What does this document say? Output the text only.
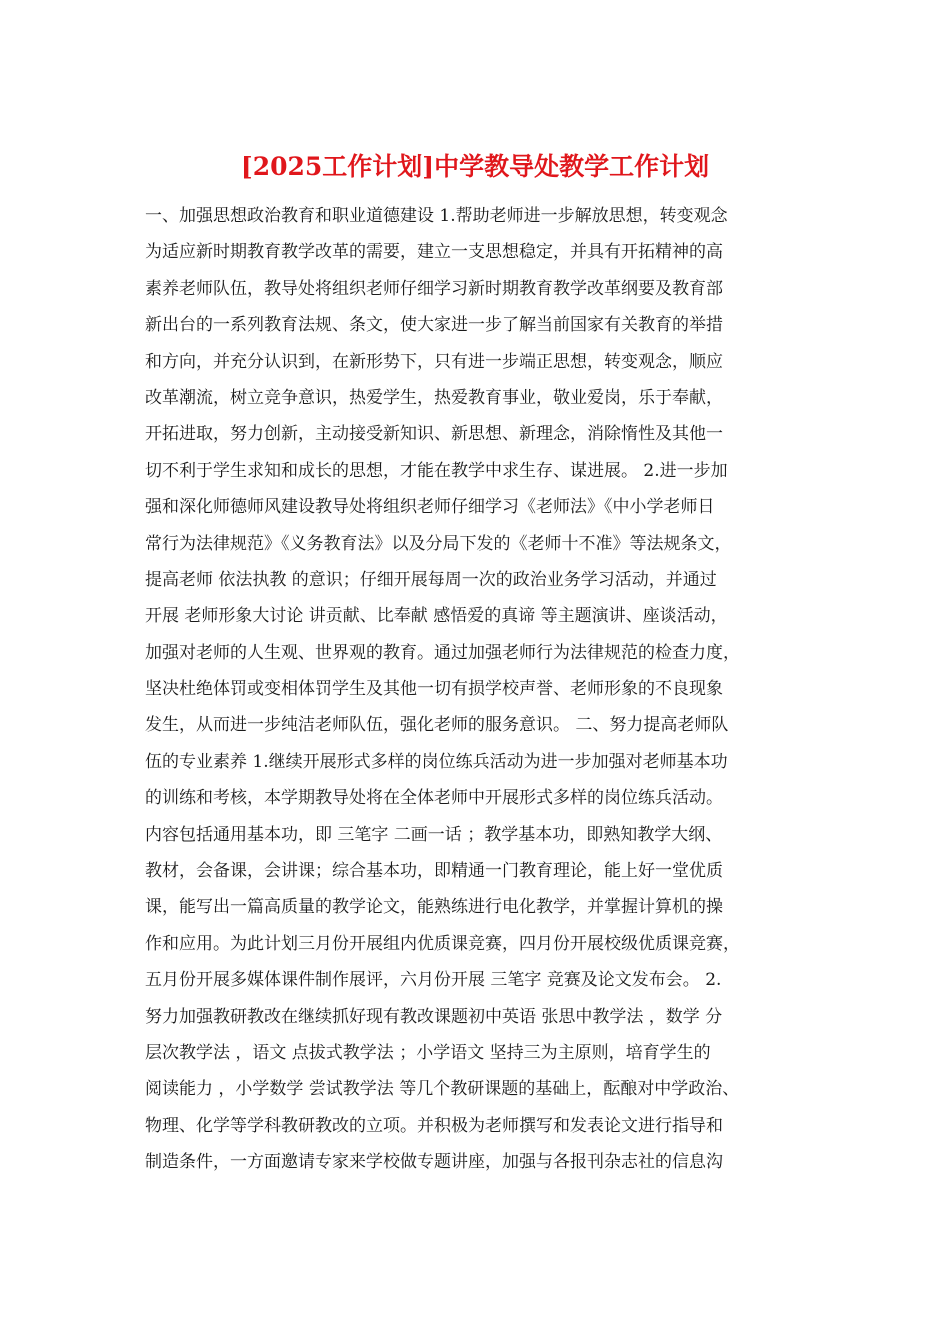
[2025工作计划]中学教导处教学工作计划
一、加强思想政治教育和职业道德建设 1.帮助老师进一步解放思想，转变观念
为适应新时期教育教学改革的需要，建立一支思想稳定，并具有开拓精神的高
素养老师队伍，教导处将组织老师仔细学习新时期教育教学改革纲要及教育部
新出台的一系列教育法规、条文，使大家进一步了解当前国家有关教育的举措
和方向，并充分认识到，在新形势下，只有进一步端正思想，转变观念，顺应
改革潮流，树立竞争意识，热爱学生，热爱教育事业，敬业爱岗，乐于奉献，
开拓进取，努力创新，主动接受新知识、新思想、新理念，消除惰性及其他一
切不利于学生求知和成长的思想，才能在教学中求生存、谋进展。 2.进一步加
强和深化师德师风建设教导处将组织老师仔细学习《老师法》《中小学老师日
常行为法律规范》《义务教育法》以及分局下发的《老师十不准》等法规条文，
提高老师 依法执教 的意识；仔细开展每周一次的政治业务学习活动，并通过
开展 老师形象大讨论 讲贡献、比奉献 感悟爱的真谛 等主题演讲、座谈活动，
加强对老师的人生观、世界观的教育。通过加强老师行为法律规范的检查力度，
坚决杜绝体罚或变相体罚学生及其他一切有损学校声誉、老师形象的不良现象
发生，从而进一步纯洁老师队伍，强化老师的服务意识。 二、努力提高老师队
伍的专业素养 1.继续开展形式多样的岗位练兵活动为进一步加强对老师基本功
的训练和考核，本学期教导处将在全体老师中开展形式多样的岗位练兵活动。
内容包括通用基本功，即 三笔字 二画一话 ；教学基本功，即熟知教学大纲、
教材，会备课，会讲课；综合基本功，即精通一门教育理论，能上好一堂优质
课，能写出一篇高质量的教学论文，能熟练进行电化教学，并掌握计算机的操
作和应用。为此计划三月份开展组内优质课竞赛，四月份开展校级优质课竞赛，
五月份开展多媒体课件制作展评，六月份开展 三笔字 竞赛及论文发布会。 2.
努力加强教研教改在继续抓好现有教改课题初中英语 张思中教学法 ，数学 分
层次教学法 ，语文 点拔式教学法 ；小学语文 坚持三为主原则，培育学生的
阅读能力 ，小学数学 尝试教学法 等几个教研课题的基础上，酝酿对中学政治、
物理、化学等学科教研教改的立项。并积极为老师撰写和发表论文进行指导和
制造条件，一方面邀请专家来学校做专题讲座，加强与各报刊杂志社的信息沟
